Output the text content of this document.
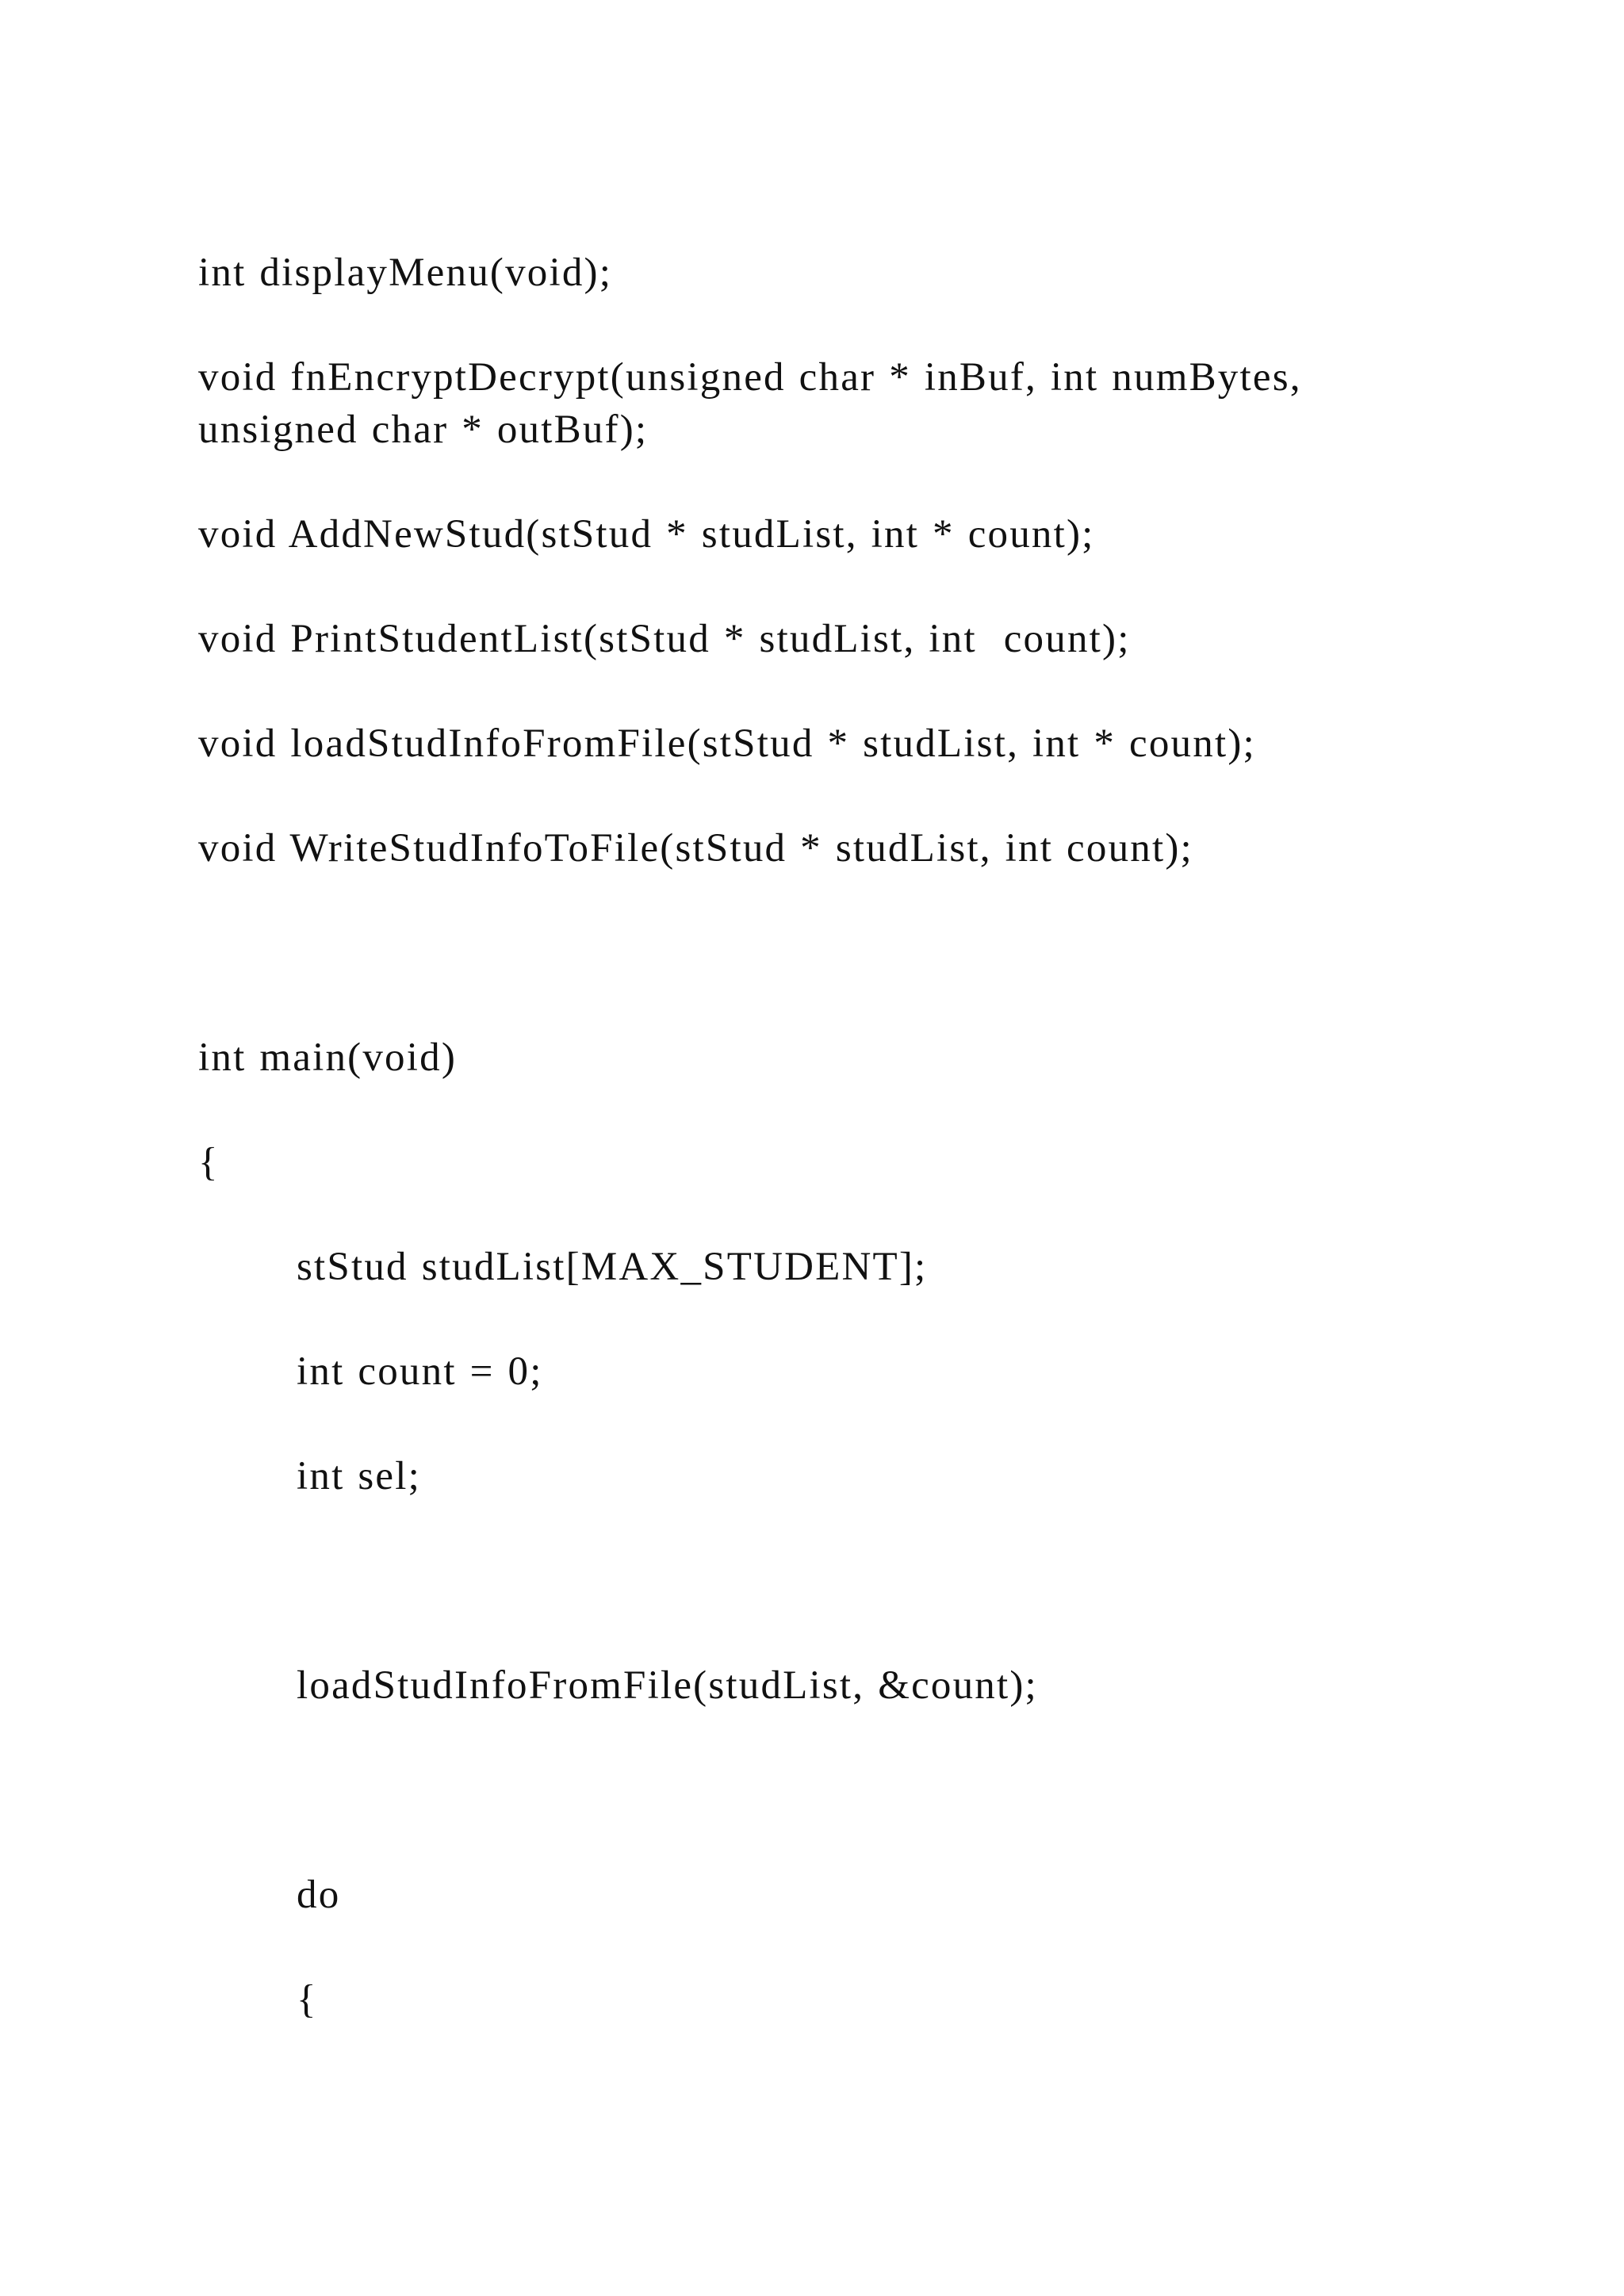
int displayMenu(void);
void fnEncryptDecrypt(unsigned char * inBuf, int numBytes,
unsigned char * outBuf);
void AddNewStud(stStud * studList, int * count);
void PrintStudentList(stStud * studList, int  count);
void loadStudInfoFromFile(stStud * studList, int * count);
void WriteStudInfoToFile(stStud * studList, int count);
int main(void)
{
stStud studList[MAX_STUDENT];
int count = 0;
int sel;
loadStudInfoFromFile(studList, &count);
do
{
